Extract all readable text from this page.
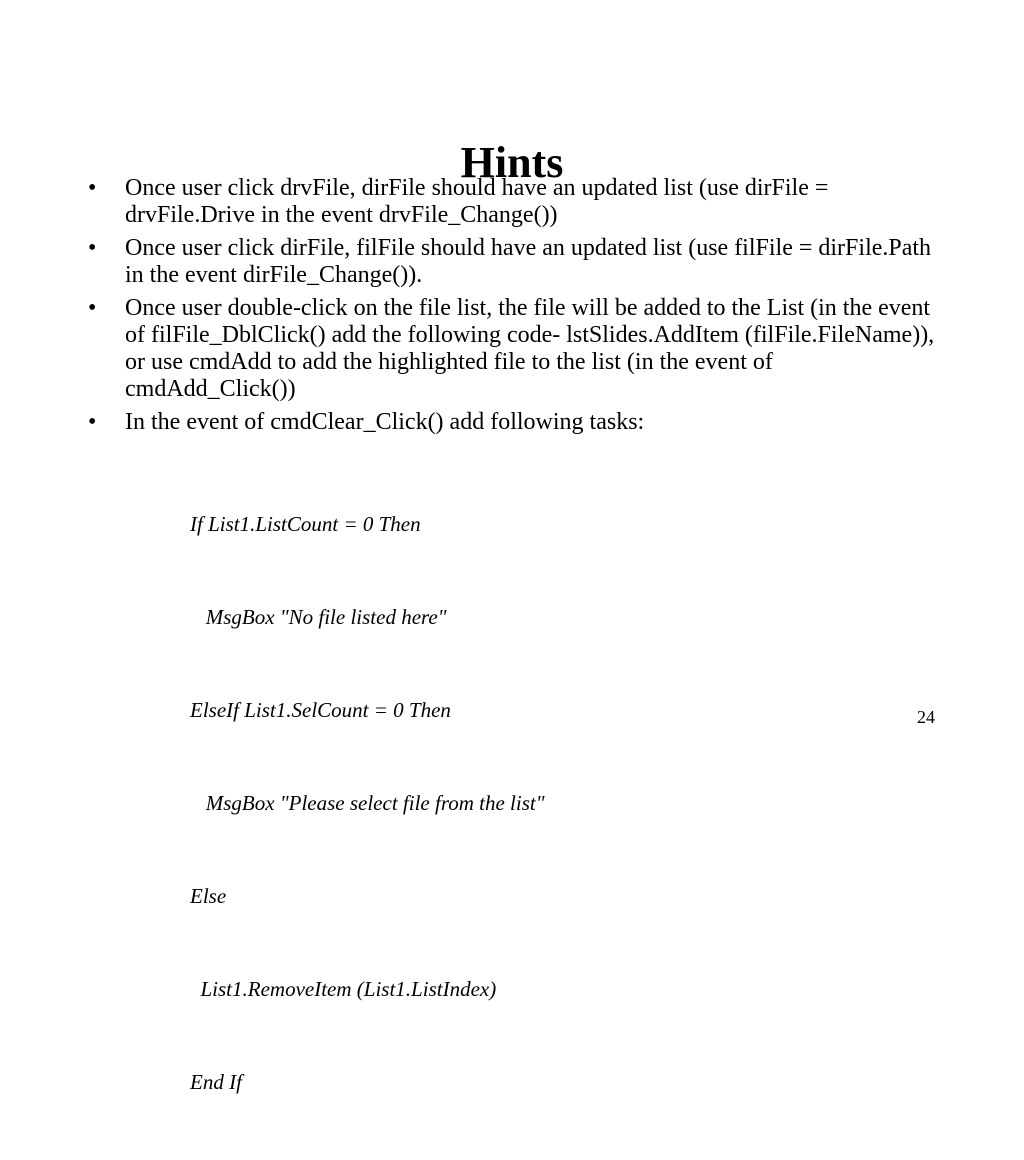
Hints
• Once user click drvFile, dirFile should have an updated list (use dirFile = drvFile.Drive in the event drvFile_Change())
• Once user click dirFile, filFile should have an updated list (use filFile = dirFile.Path in the event dirFile_Change()).
• Once user double-click on the file list, the file will be added to the List (in the event of filFile_DblClick() add the following code- lstSlides.AddItem (filFile.FileName)), or use cmdAdd to add the highlighted file to the list (in the event of cmdAdd_Click())
• In the event of cmdClear_Click() add following tasks:

If List1.ListCount = 0 Then

MsgBox "No file listed here"

ElseIf List1.SelCount = 0 Then

MsgBox "Please select file from the list"

Else

List1.RemoveItem (List1.ListIndex)

End If

24
